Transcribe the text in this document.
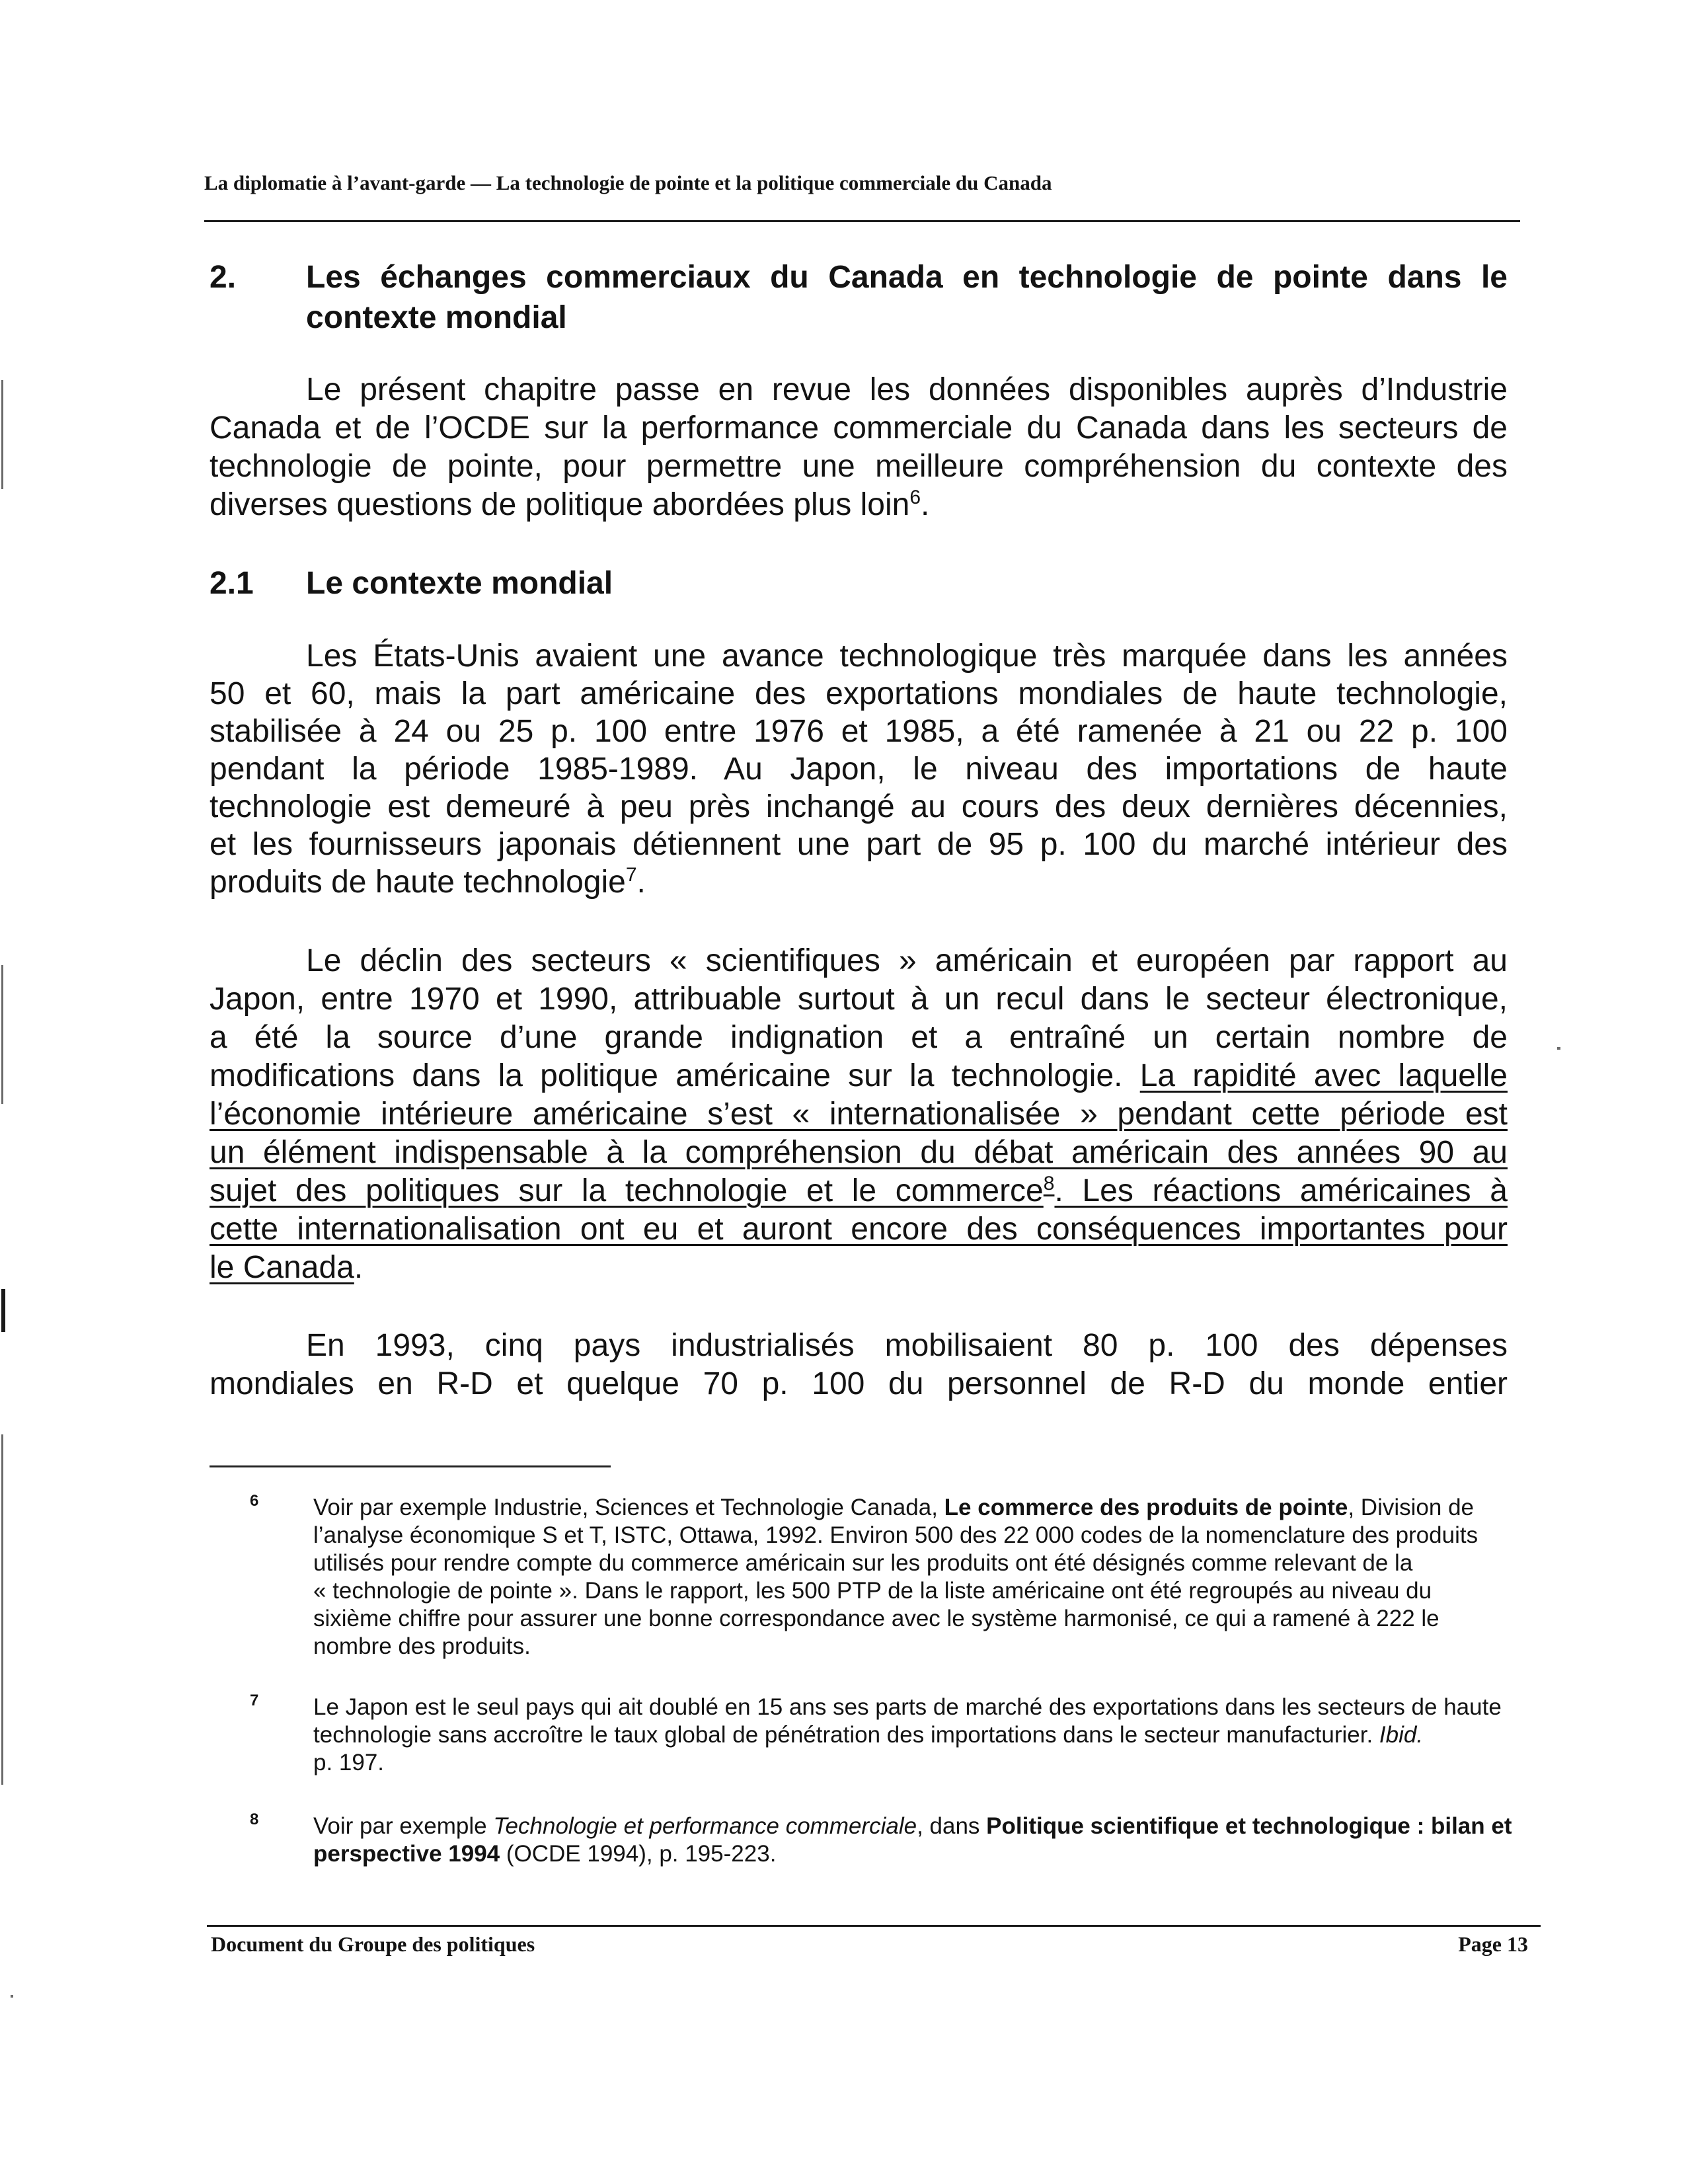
La diplomatie à l’avant-garde — La technologie de pointe et la politique commerciale du Canada
2.	Les échanges commerciaux du Canada en technologie de pointe dans le
contexte mondial
Le présent chapitre passe en revue les données disponibles auprès d’Industrie
Canada et de l’OCDE sur la performance commerciale du Canada dans les secteurs de
technologie de pointe, pour permettre une meilleure compréhension du contexte des
diverses questions de politique abordées plus loin$^6$.
2.1	Le contexte mondial
Les États-Unis avaient une avance technologique très marquée dans les années
50 et 60, mais la part américaine des exportations mondiales de haute technologie,
stabilisée à 24 ou 25 p. 100 entre 1976 et 1985, a été ramenée à 21 ou 22 p. 100
pendant la période 1985-1989. Au Japon, le niveau des importations de haute
technologie est demeuré à peu près inchangé au cours des deux dernières décennies,
et les fournisseurs japonais détiennent une part de 95 p. 100 du marché intérieur des
produits de haute technologie$^7$.
Le déclin des secteurs « scientifiques » américain et européen par rapport au
Japon, entre 1970 et 1990, attribuable surtout à un recul dans le secteur électronique,
a été la source d’une grande indignation et a entraîné un certain nombre de
modifications dans la politique américaine sur la technologie. La rapidité avec laquelle
l’économie intérieure américaine s’est « internationalisée » pendant cette période est
un élément indispensable à la compréhension du débat américain des années 90 au
sujet des politiques sur la technologie et le commerce$^8$. Les réactions américaines à
cette internationalisation ont eu et auront encore des conséquences importantes pour
le Canada.
En 1993, cinq pays industrialisés mobilisaient 80 p. 100 des dépenses
mondiales en R-D et quelque 70 p. 100 du personnel de R-D du monde entier
6 Voir par exemple Industrie, Sciences et Technologie Canada, Le commerce des produits de pointe, Division de
l’analyse économique S et T, ISTC, Ottawa, 1992. Environ 500 des 22 000 codes de la nomenclature des produits
utilisés pour rendre compte du commerce américain sur les produits ont été désignés comme relevant de la
« technologie de pointe ». Dans le rapport, les 500 PTP de la liste américaine ont été regroupés au niveau du
sixième chiffre pour assurer une bonne correspondance avec le système harmonisé, ce qui a ramené à 222 le
nombre des produits.
7 Le Japon est le seul pays qui ait doublé en 15 ans ses parts de marché des exportations dans les secteurs de haute
technologie sans accroître le taux global de pénétration des importations dans le secteur manufacturier. Ibid.
p. 197.
8 Voir par exemple Technologie et performance commerciale, dans Politique scientifique et technologique : bilan et
perspective 1994 (OCDE 1994), p. 195-223.
Document du Groupe des politiques	Page 13
